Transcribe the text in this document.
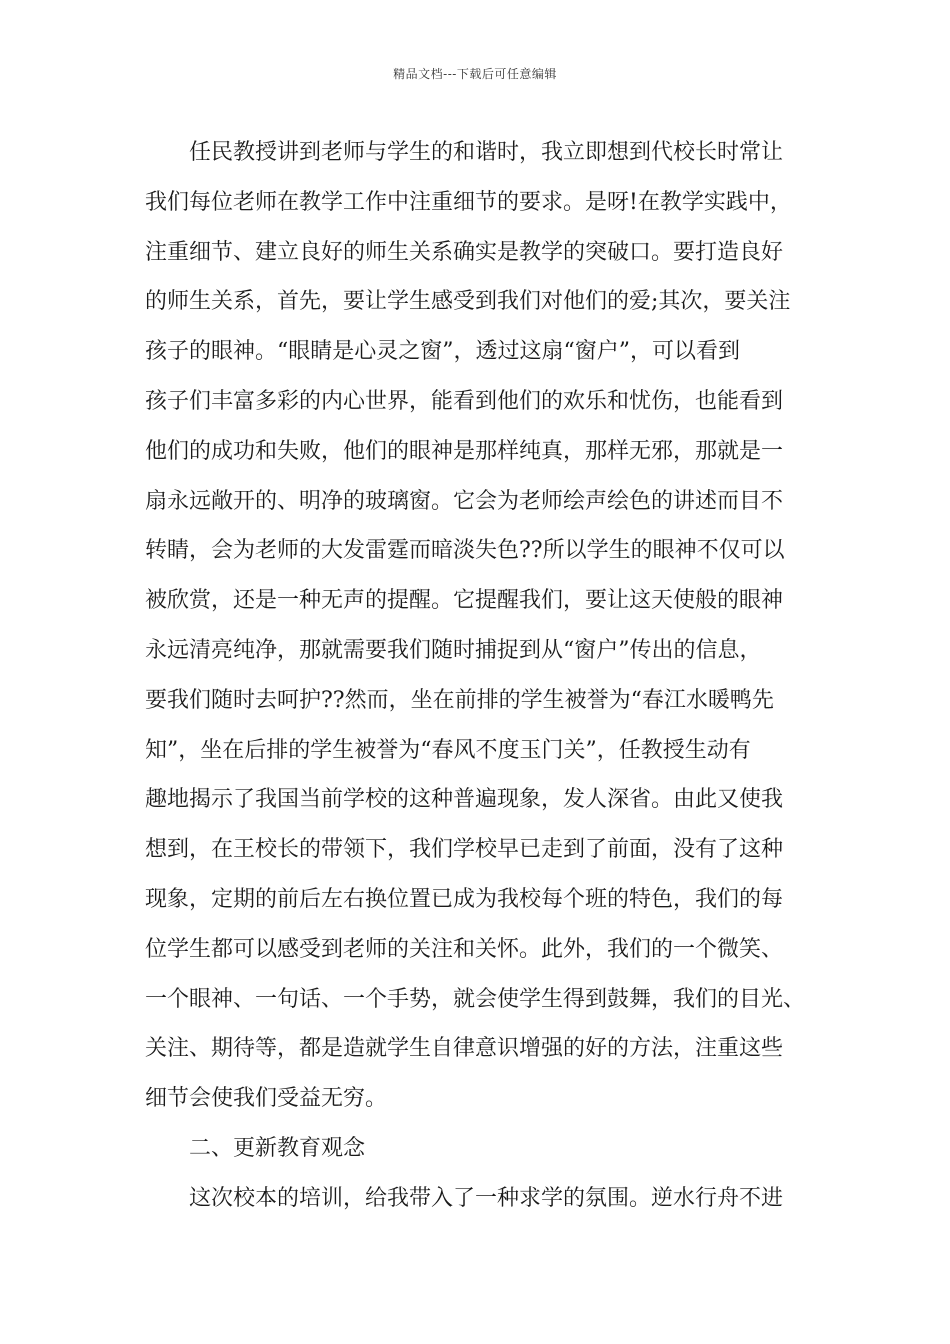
精品文档---下载后可任意编辑
任民教授讲到老师与学生的和谐时，我立即想到代校长时常让
我们每位老师在教学工作中注重细节的要求。是呀!在教学实践中，
注重细节、建立良好的师生关系确实是教学的突破口。要打造良好
的师生关系，首先，要让学生感受到我们对他们的爱;其次，要关注
孩子的眼神。“眼睛是心灵之窗”，透过这扇“窗户”，可以看到
孩子们丰富多彩的内心世界，能看到他们的欢乐和忧伤，也能看到
他们的成功和失败，他们的眼神是那样纯真，那样无邪，那就是一
扇永远敞开的、明净的玻璃窗。它会为老师绘声绘色的讲述而目不
转睛，会为老师的大发雷霆而暗淡失色??所以学生的眼神不仅可以
被欣赏，还是一种无声的提醒。它提醒我们，要让这天使般的眼神
永远清亮纯净，那就需要我们随时捕捉到从“窗户”传出的信息，
要我们随时去呵护??然而，坐在前排的学生被誉为“春江水暖鸭先
知”，坐在后排的学生被誉为“春风不度玉门关”，任教授生动有
趣地揭示了我国当前学校的这种普遍现象，发人深省。由此又使我
想到，在王校长的带领下，我们学校早已走到了前面，没有了这种
现象，定期的前后左右换位置已成为我校每个班的特色，我们的每
位学生都可以感受到老师的关注和关怀。此外，我们的一个微笑、
一个眼神、一句话、一个手势，就会使学生得到鼓舞，我们的目光、
关注、期待等，都是造就学生自律意识增强的好的方法，注重这些
细节会使我们受益无穷。
二、更新教育观念
这次校本的培训，给我带入了一种求学的氛围。逆水行舟不进
